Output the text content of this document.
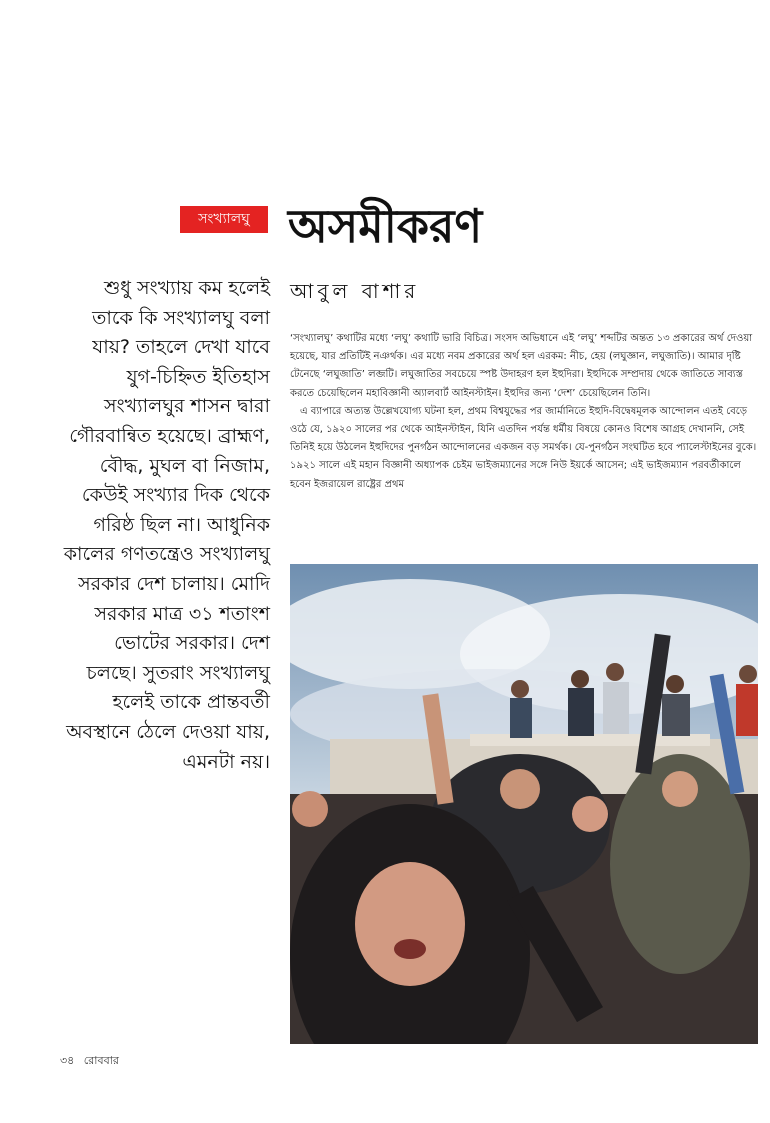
সংখ্যালঘু অসমীকরণ
আবুল বাশার

শুধু সংখ্যায় কম হলেই তাকে কি সংখ্যালঘু বলা যায়? তাহলে দেখা যাবে যুগ-চিহ্নিত ইতিহাস সংখ্যালঘুর শাসন দ্বারা গৌরবান্বিত হয়েছে। ব্রাহ্মণ, বৌদ্ধ, মুঘল বা নিজাম, কেউই সংখ্যার দিক থেকে গরিষ্ঠ ছিল না। আধুনিক কালের গণতন্ত্রেও সংখ্যালঘু সরকার দেশ চালায়। মোদি সরকার মাত্র ৩১ শতাংশ ভোটের সরকার। দেশ চলছে। সুতরাং সংখ্যালঘু হলেই তাকে প্রান্তবর্তী অবস্থানে ঠেলে দেওয়া যায়, এমনটা নয়।

‘সংখ্যালঘু’ কথাটির মধ্যে ‘লঘু’ কথাটি ভারি বিচিত্র। সংসদ অভিধানে এই ‘লঘু’ শব্দটির অন্তত ১৩ প্রকারের অর্থ দেওয়া হয়েছে, যার প্রতিটিই নঞর্থক। এর মধ্যে নবম প্রকারের অর্থ হল এরকম: নীচ, হেয় (লঘুজ্ঞান, লঘুজাতি)। আমার দৃষ্টি টেনেছে ‘লঘুজাতি’ লব্জটি। লঘুজাতির সবচেয়ে স্পষ্ট উদাহরণ হল ইহুদিরা। ইহুদিকে সম্প্রদায় থেকে জাতিতে সাব্যস্ত করতে চেয়েছিলেন মহাবিজ্ঞানী অ্যালবার্ট আইনস্টাইন। ইহুদির জন্য ‘দেশ’ চেয়েছিলেন তিনি।

এ ব্যাপারে অত্যন্ত উল্লেখযোগ্য ঘটনা হল, প্রথম বিশ্বযুদ্ধের পর জার্মানিতে ইহুদি-বিদ্বেষমূলক আন্দোলন এতই বেড়ে ওঠে যে, ১৯২০ সালের পর থেকে আইনস্টাইন, যিনি এতদিন পর্যন্ত ধর্মীয় বিষয়ে কোনও বিশেষ আগ্রহ দেখাননি, সেই তিনিই হয়ে উঠলেন ইহুদিদের পুনর্গঠন আন্দোলনের একজন বড় সমর্থক। যে-পুনর্গঠন সংঘটিত হবে প্যালেস্টাইনের বুকে। ১৯২১ সালে এই মহান বিজ্ঞানী অধ্যাপক চেইম ভাইজম্যানের সঙ্গে নিউ ইয়র্কে আসেন; এই ভাইজম্যান পরবর্তীকালে হবেন ইজরায়েল রাষ্ট্রের প্রথম

৩৪ রোববার
